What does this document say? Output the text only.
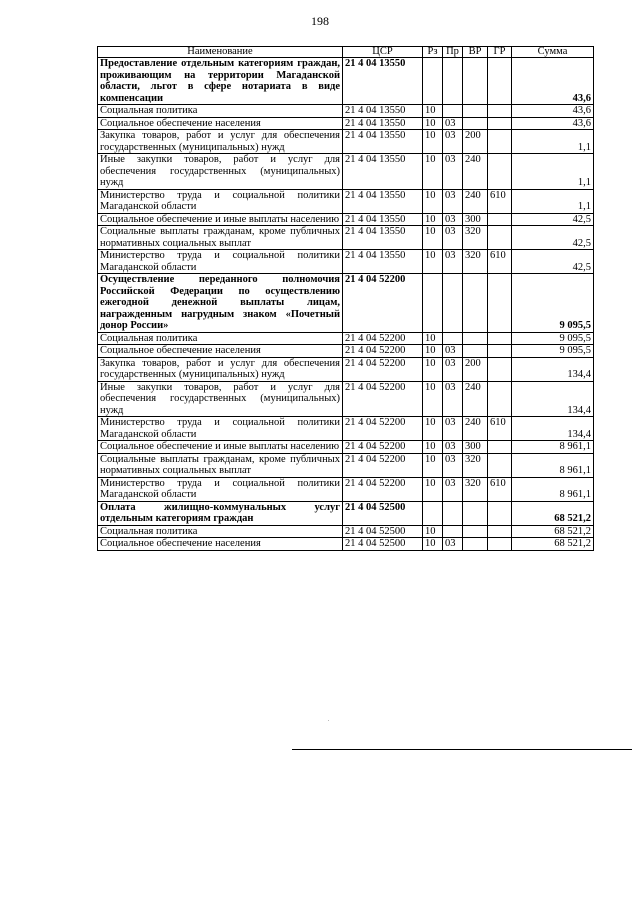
198
Наименование	ЦСР	Рз	Пр	ВР	ГР	Сумма
Предоставление отдельным категориям граждан, проживающим на территории Магаданской области, льгот в сфере нотариата в виде компенсации	21 4 04 13550					43,6
Социальная политика	21 4 04 13550	10				43,6
Социальное обеспечение населения	21 4 04 13550	10	03			43,6
Закупка товаров, работ и услуг для обеспечения государственных (муниципальных) нужд	21 4 04 13550	10	03	200		1,1
Иные закупки товаров, работ и услуг для обеспечения государственных (муниципальных) нужд	21 4 04 13550	10	03	240		1,1
Министерство труда и социальной политики Магаданской области	21 4 04 13550	10	03	240	610	1,1
Социальное обеспечение и иные выплаты населению	21 4 04 13550	10	03	300		42,5
Социальные выплаты гражданам, кроме публичных нормативных социальных выплат	21 4 04 13550	10	03	320		42,5
Министерство труда и социальной политики Магаданской области	21 4 04 13550	10	03	320	610	42,5
Осуществление переданного полномочия Российской Федерации по осуществлению ежегодной денежной выплаты лицам, награжденным нагрудным знаком «Почетный донор России»	21 4 04 52200					9 095,5
Социальная политика	21 4 04 52200	10				9 095,5
Социальное обеспечение населения	21 4 04 52200	10	03			9 095,5
Закупка товаров, работ и услуг для обеспечения государственных (муниципальных) нужд	21 4 04 52200	10	03	200		134,4
Иные закупки товаров, работ и услуг для обеспечения государственных (муниципальных) нужд	21 4 04 52200	10	03	240		134,4
Министерство труда и социальной политики Магаданской области	21 4 04 52200	10	03	240	610	134,4
Социальное обеспечение и иные выплаты населению	21 4 04 52200	10	03	300		8 961,1
Социальные выплаты гражданам, кроме публичных нормативных социальных выплат	21 4 04 52200	10	03	320		8 961,1
Министерство труда и социальной политики Магаданской области	21 4 04 52200	10	03	320	610	8 961,1
Оплата жилищно-коммунальных услуг отдельным категориям граждан	21 4 04 52500					68 521,2
Социальная политика	21 4 04 52500	10				68 521,2
Социальное обеспечение населения	21 4 04 52500	10	03			68 521,2
